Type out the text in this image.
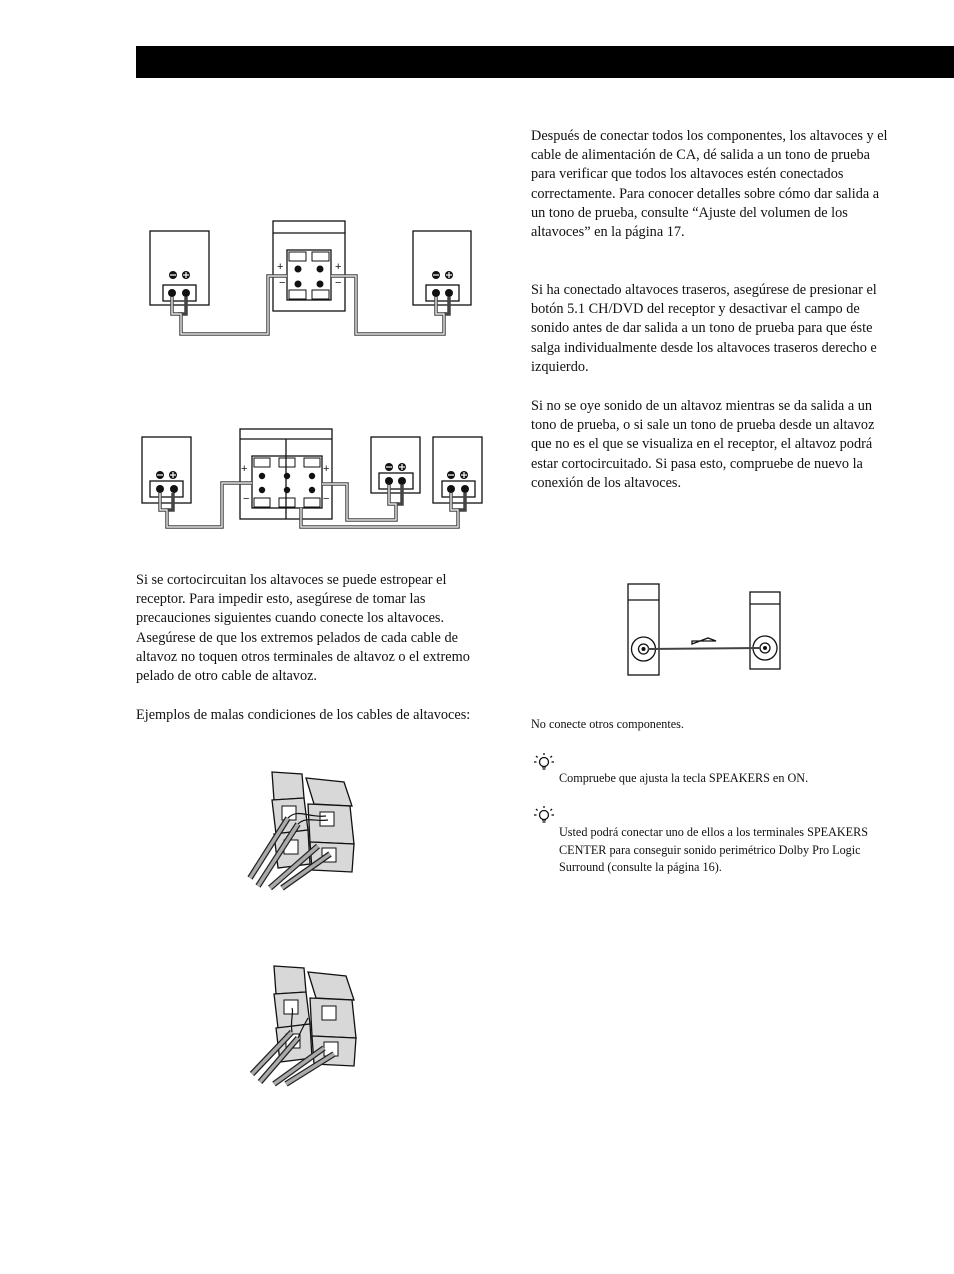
+	+
−	−
+	+
−	−

Después de conectar todos los componentes, los altavoces y el cable de alimentación de CA, dé salida a un tono de prueba para verificar que todos los altavoces estén conectados correctamente. Para conocer detalles sobre cómo dar salida a un tono de prueba, consulte “Ajuste del volumen de los altavoces” en la página 17.

Si ha conectado altavoces traseros, asegúrese de presionar el botón 5.1 CH/DVD del receptor y desactivar el campo de sonido antes de dar salida a un tono de prueba para que éste salga individualmente desde los altavoces traseros derecho e izquierdo.

Si no se oye sonido de un altavoz mientras se da salida a un tono de prueba, o si sale un tono de prueba desde un altavoz que no es el que se visualiza en el receptor, el altavoz podrá estar cortocircuitado. Si pasa esto, compruebe de nuevo la conexión de los altavoces.

No conecte otros componentes.

Compruebe que ajusta la tecla SPEAKERS en ON.

Usted podrá conectar uno de ellos a los terminales SPEAKERS CENTER para conseguir sonido perimétrico Dolby Pro Logic Surround (consulte la página 16).

Si se cortocircuitan los altavoces se puede estropear el receptor. Para impedir esto, asegúrese de tomar las precauciones siguientes cuando conecte los altavoces. Asegúrese de que los extremos pelados de cada cable de altavoz no toquen otros terminales de altavoz o el extremo pelado de otro cable de altavoz.

Ejemplos de malas condiciones de los cables de altavoces:
